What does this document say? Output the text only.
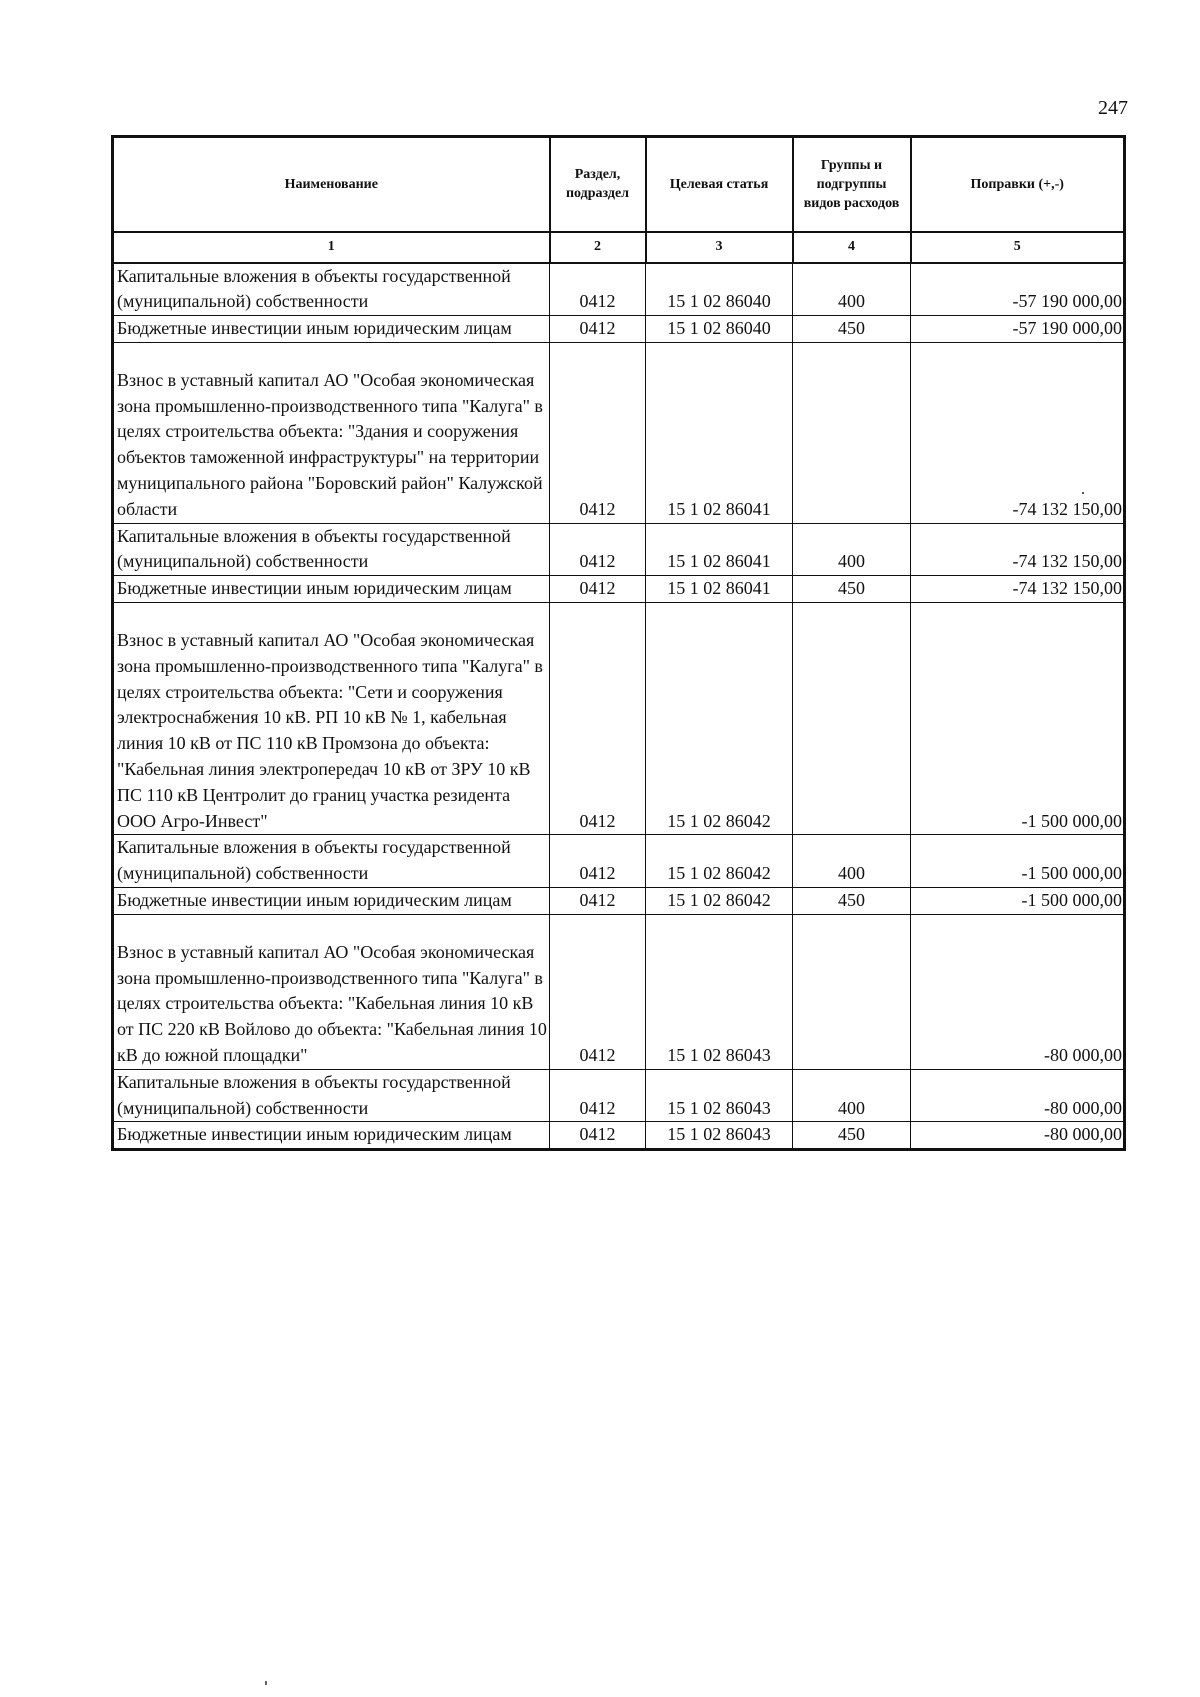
247
Наименование	Раздел, подраздел	Целевая статья	Группы и подгруппы видов расходов	Поправки (+,-)
1	2	3	4	5
Капитальные вложения в объекты государственной (муниципальной) собственности	0412	15 1 02 86040	400	-57 190 000,00
Бюджетные инвестиции иным юридическим лицам	0412	15 1 02 86040	450	-57 190 000,00
Взнос в уставный капитал АО "Особая экономическая зона промышленно-производственного типа "Калуга" в целях строительства объекта: "Здания и сооружения объектов таможенной инфраструктуры" на территории муниципального района "Боровский район" Калужской области	0412	15 1 02 86041		-74 132 150,00
Капитальные вложения в объекты государственной (муниципальной) собственности	0412	15 1 02 86041	400	-74 132 150,00
Бюджетные инвестиции иным юридическим лицам	0412	15 1 02 86041	450	-74 132 150,00
Взнос в уставный капитал АО "Особая экономическая зона промышленно-производственного типа "Калуга" в целях строительства объекта: "Сети и сооружения электроснабжения 10 кВ. РП 10 кВ № 1, кабельная линия 10 кВ от ПС 110 кВ Промзона до объекта: "Кабельная линия электропередач 10 кВ от ЗРУ 10 кВ ПС 110 кВ Центролит до границ участка резидента ООО Агро-Инвест"	0412	15 1 02 86042		-1 500 000,00
Капитальные вложения в объекты государственной (муниципальной) собственности	0412	15 1 02 86042	400	-1 500 000,00
Бюджетные инвестиции иным юридическим лицам	0412	15 1 02 86042	450	-1 500 000,00
Взнос в уставный капитал АО "Особая экономическая зона промышленно-производственного типа "Калуга" в целях строительства объекта: "Кабельная линия 10 кВ от ПС 220 кВ Войлово до объекта: "Кабельная линия 10 кВ до южной площадки"	0412	15 1 02 86043		-80 000,00
Капитальные вложения в объекты государственной (муниципальной) собственности	0412	15 1 02 86043	400	-80 000,00
Бюджетные инвестиции иным юридическим лицам	0412	15 1 02 86043	450	-80 000,00
